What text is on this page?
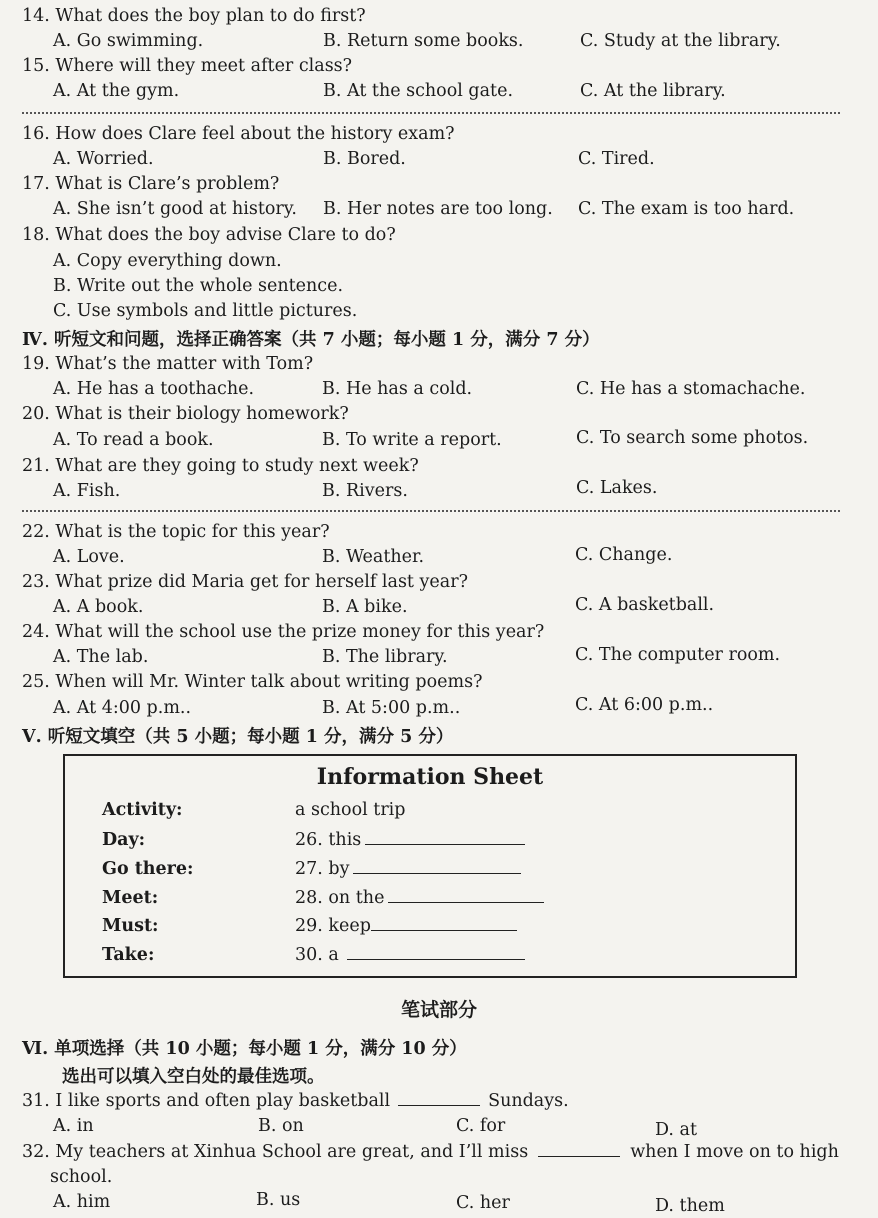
14. What does the boy plan to do first?
A. Go swimming.	B. Return some books.	C. Study at the library.
15. Where will they meet after class?
A. At the gym.	B. At the school gate.	C. At the library.
16. How does Clare feel about the history exam?
A. Worried.	B. Bored.	C. Tired.
17. What is Clare’s problem?
A. She isn’t good at history. B. Her notes are too long. C. The exam is too hard.
18. What does the boy advise Clare to do?
A. Copy everything down.
B. Write out the whole sentence.
C. Use symbols and little pictures.
Ⅳ. 听短文和问题，选择正确答案（共 7 小题；每小题 1 分，满分 7 分）
19. What’s the matter with Tom?
A. He has a toothache.	B. He has a cold.	C. He has a stomachache.
20. What is their biology homework?
A. To read a book.	B. To write a report.	C. To search some photos.
21. What are they going to study next week?
A. Fish.	B. Rivers.	C. Lakes.
22. What is the topic for this year?
A. Love.	B. Weather.	C. Change.
23. What prize did Maria get for herself last year?
A. A book.	B. A bike.	C. A basketball.
24. What will the school use the prize money for this year?
A. The lab.	B. The library.	C. The computer room.
25. When will Mr. Winter talk about writing poems?
A. At 4:00 p.m..	B. At 5:00 p.m..	C. At 6:00 p.m..
Ⅴ. 听短文填空（共 5 小题；每小题 1 分，满分 5 分）
Information Sheet
Activity:	a school trip
Day:	26. this
Go there:	27. by
Meet:	28. on the
Must:	29. keep
Take:	30. a
笔试部分
Ⅵ. 单项选择（共 10 小题；每小题 1 分，满分 10 分）
选出可以填入空白处的最佳选项。
31. I like sports and often play basketball	Sundays.
A. in	B. on	C. for	D. at
32. My teachers at Xinhua School are great, and I’ll miss	when I move on to high
school.
A. him	B. us	C. her	D. them
